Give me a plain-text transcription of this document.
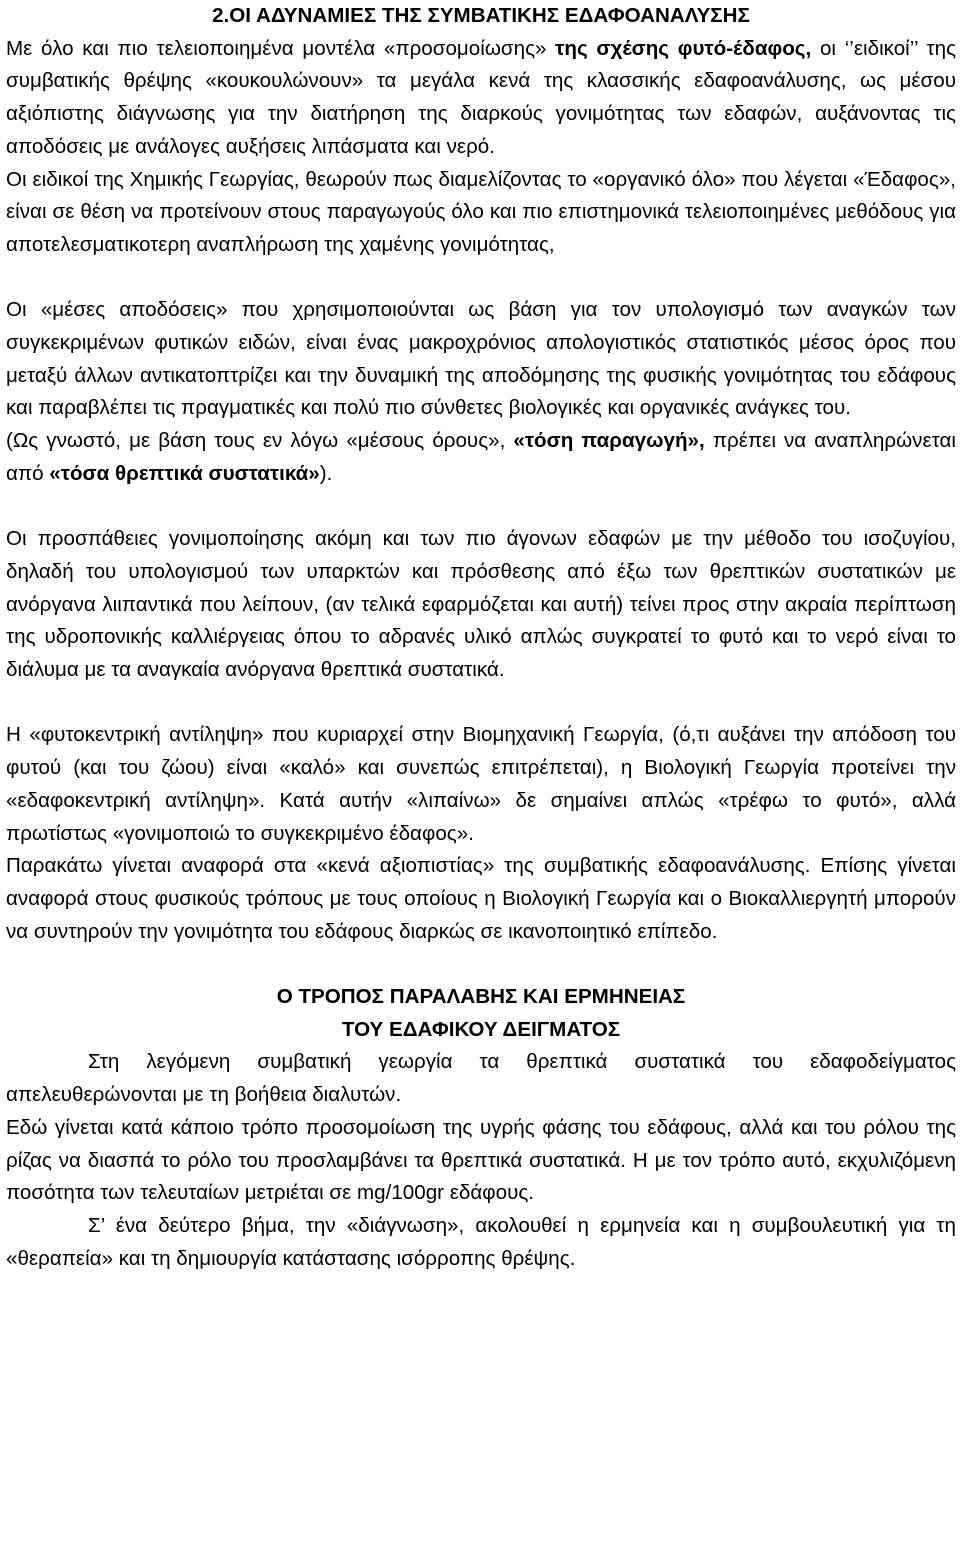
2.ΟΙ ΑΔΥΝΑΜΙΕΣ ΤΗΣ ΣΥΜΒΑΤΙΚΗΣ ΕΔΑΦΟΑΝΑΛΥΣΗΣ

Με όλο και πιο τελειοποιημένα μοντέλα «προσομοίωσης» της σχέσης φυτό-έδαφος, οι ‘’ειδικοί’’ της συμβατικής θρέψης «κουκουλώνουν» τα μεγάλα κενά της κλασσικής εδαφοανάλυσης, ως μέσου αξιόπιστης διάγνωσης για την διατήρηση της διαρκούς γονιμότητας των εδαφών, αυξάνοντας τις αποδόσεις με ανάλογες αυξήσεις λιπάσματα και νερό.

Οι ειδικοί της Χημικής Γεωργίας, θεωρούν πως διαμελίζοντας το «οργανικό όλο» που λέγεται «Έδαφος», είναι σε θέση να προτείνουν στους παραγωγούς όλο και πιο επιστημονικά τελειοποιημένες μεθόδους για αποτελεσματικοτερη αναπλήρωση της χαμένης γονιμότητας,

Οι «μέσες αποδόσεις» που χρησιμοποιούνται ως βάση για τον υπολογισμό των αναγκών των συγκεκριμένων φυτικών ειδών, είναι ένας μακροχρόνιος απολογιστικός στατιστικός μέσος όρος που μεταξύ άλλων αντικατοπτρίζει και την δυναμική της αποδόμησης της φυσικής γονιμότητας του εδάφους και παραβλέπει τις πραγματικές και πολύ πιο σύνθετες βιολογικές και οργανικές ανάγκες του.

(Ως γνωστό, με βάση τους εν λόγω «μέσους όρους», «τόση παραγωγή», πρέπει να αναπληρώνεται από «τόσα θρεπτικά συστατικά»).

Οι προσπάθειες γονιμοποίησης ακόμη και των πιο άγονων εδαφών με την μέθοδο του ισοζυγίου, δηλαδή του υπολογισμού των υπαρκτών και πρόσθεσης από έξω των θρεπτικών συστατικών με ανόργανα λιιπαντικά που λείπουν, (αν τελικά εφαρμόζεται και αυτή) τείνει προς στην ακραία περίπτωση της υδροπονικής καλλιέργειας όπου το αδρανές υλικό απλώς συγκρατεί το φυτό και το νερό είναι το διάλυμα με τα αναγκαία ανόργανα θρεπτικά συστατικά.

Η «φυτοκεντρική αντίληψη» που κυριαρχεί στην Βιομηχανική Γεωργία, (ό,τι αυξάνει την απόδοση του φυτού (και του ζώου) είναι «καλό» και συνεπώς επιτρέπεται), η Βιολογική Γεωργία προτείνει την «εδαφοκεντρική αντίληψη». Κατά αυτήν «λιπαίνω» δε σημαίνει απλώς «τρέφω το φυτό», αλλά πρωτίστως «γονιμοποιώ το συγκεκριμένο έδαφος».

Παρακάτω γίνεται αναφορά στα «κενά αξιοπιστίας» της συμβατικής εδαφοανάλυσης. Επίσης γίνεται αναφορά στους φυσικούς τρόπους με τους οποίους η Βιολογική Γεωργία και ο Βιοκαλλιεργητή μπορούν να συντηρούν την γονιμότητα του εδάφους διαρκώς σε ικανοποιητικό επίπεδο.

Ο ΤΡΟΠΟΣ ΠΑΡΑΛΑΒΗΣ ΚΑΙ ΕΡΜΗΝΕΙΑΣ

ΤΟΥ ΕΔΑΦΙΚΟΥ ΔΕΙΓΜΑΤΟΣ

Στη λεγόμενη συμβατική γεωργία τα θρεπτικά συστατικά του εδαφοδείγματος απελευθερώνονται με τη βοήθεια διαλυτών.

Εδώ γίνεται κατά κάποιο τρόπο προσομοίωση της υγρής φάσης του εδάφους, αλλά και του ρόλου της ρίζας να διασπά το ρόλο του προσλαμβάνει τα θρεπτικά συστατικά. Η με τον τρόπο αυτό, εκχυλιζόμενη ποσότητα των τελευταίων μετριέται σε mg/100gr εδάφους.

Σ’ ένα δεύτερο βήμα, την «διάγνωση», ακολουθεί η ερμηνεία και η συμβουλευτική για τη «θεραπεία» και τη δημιουργία κατάστασης ισόρροπης θρέψης.
